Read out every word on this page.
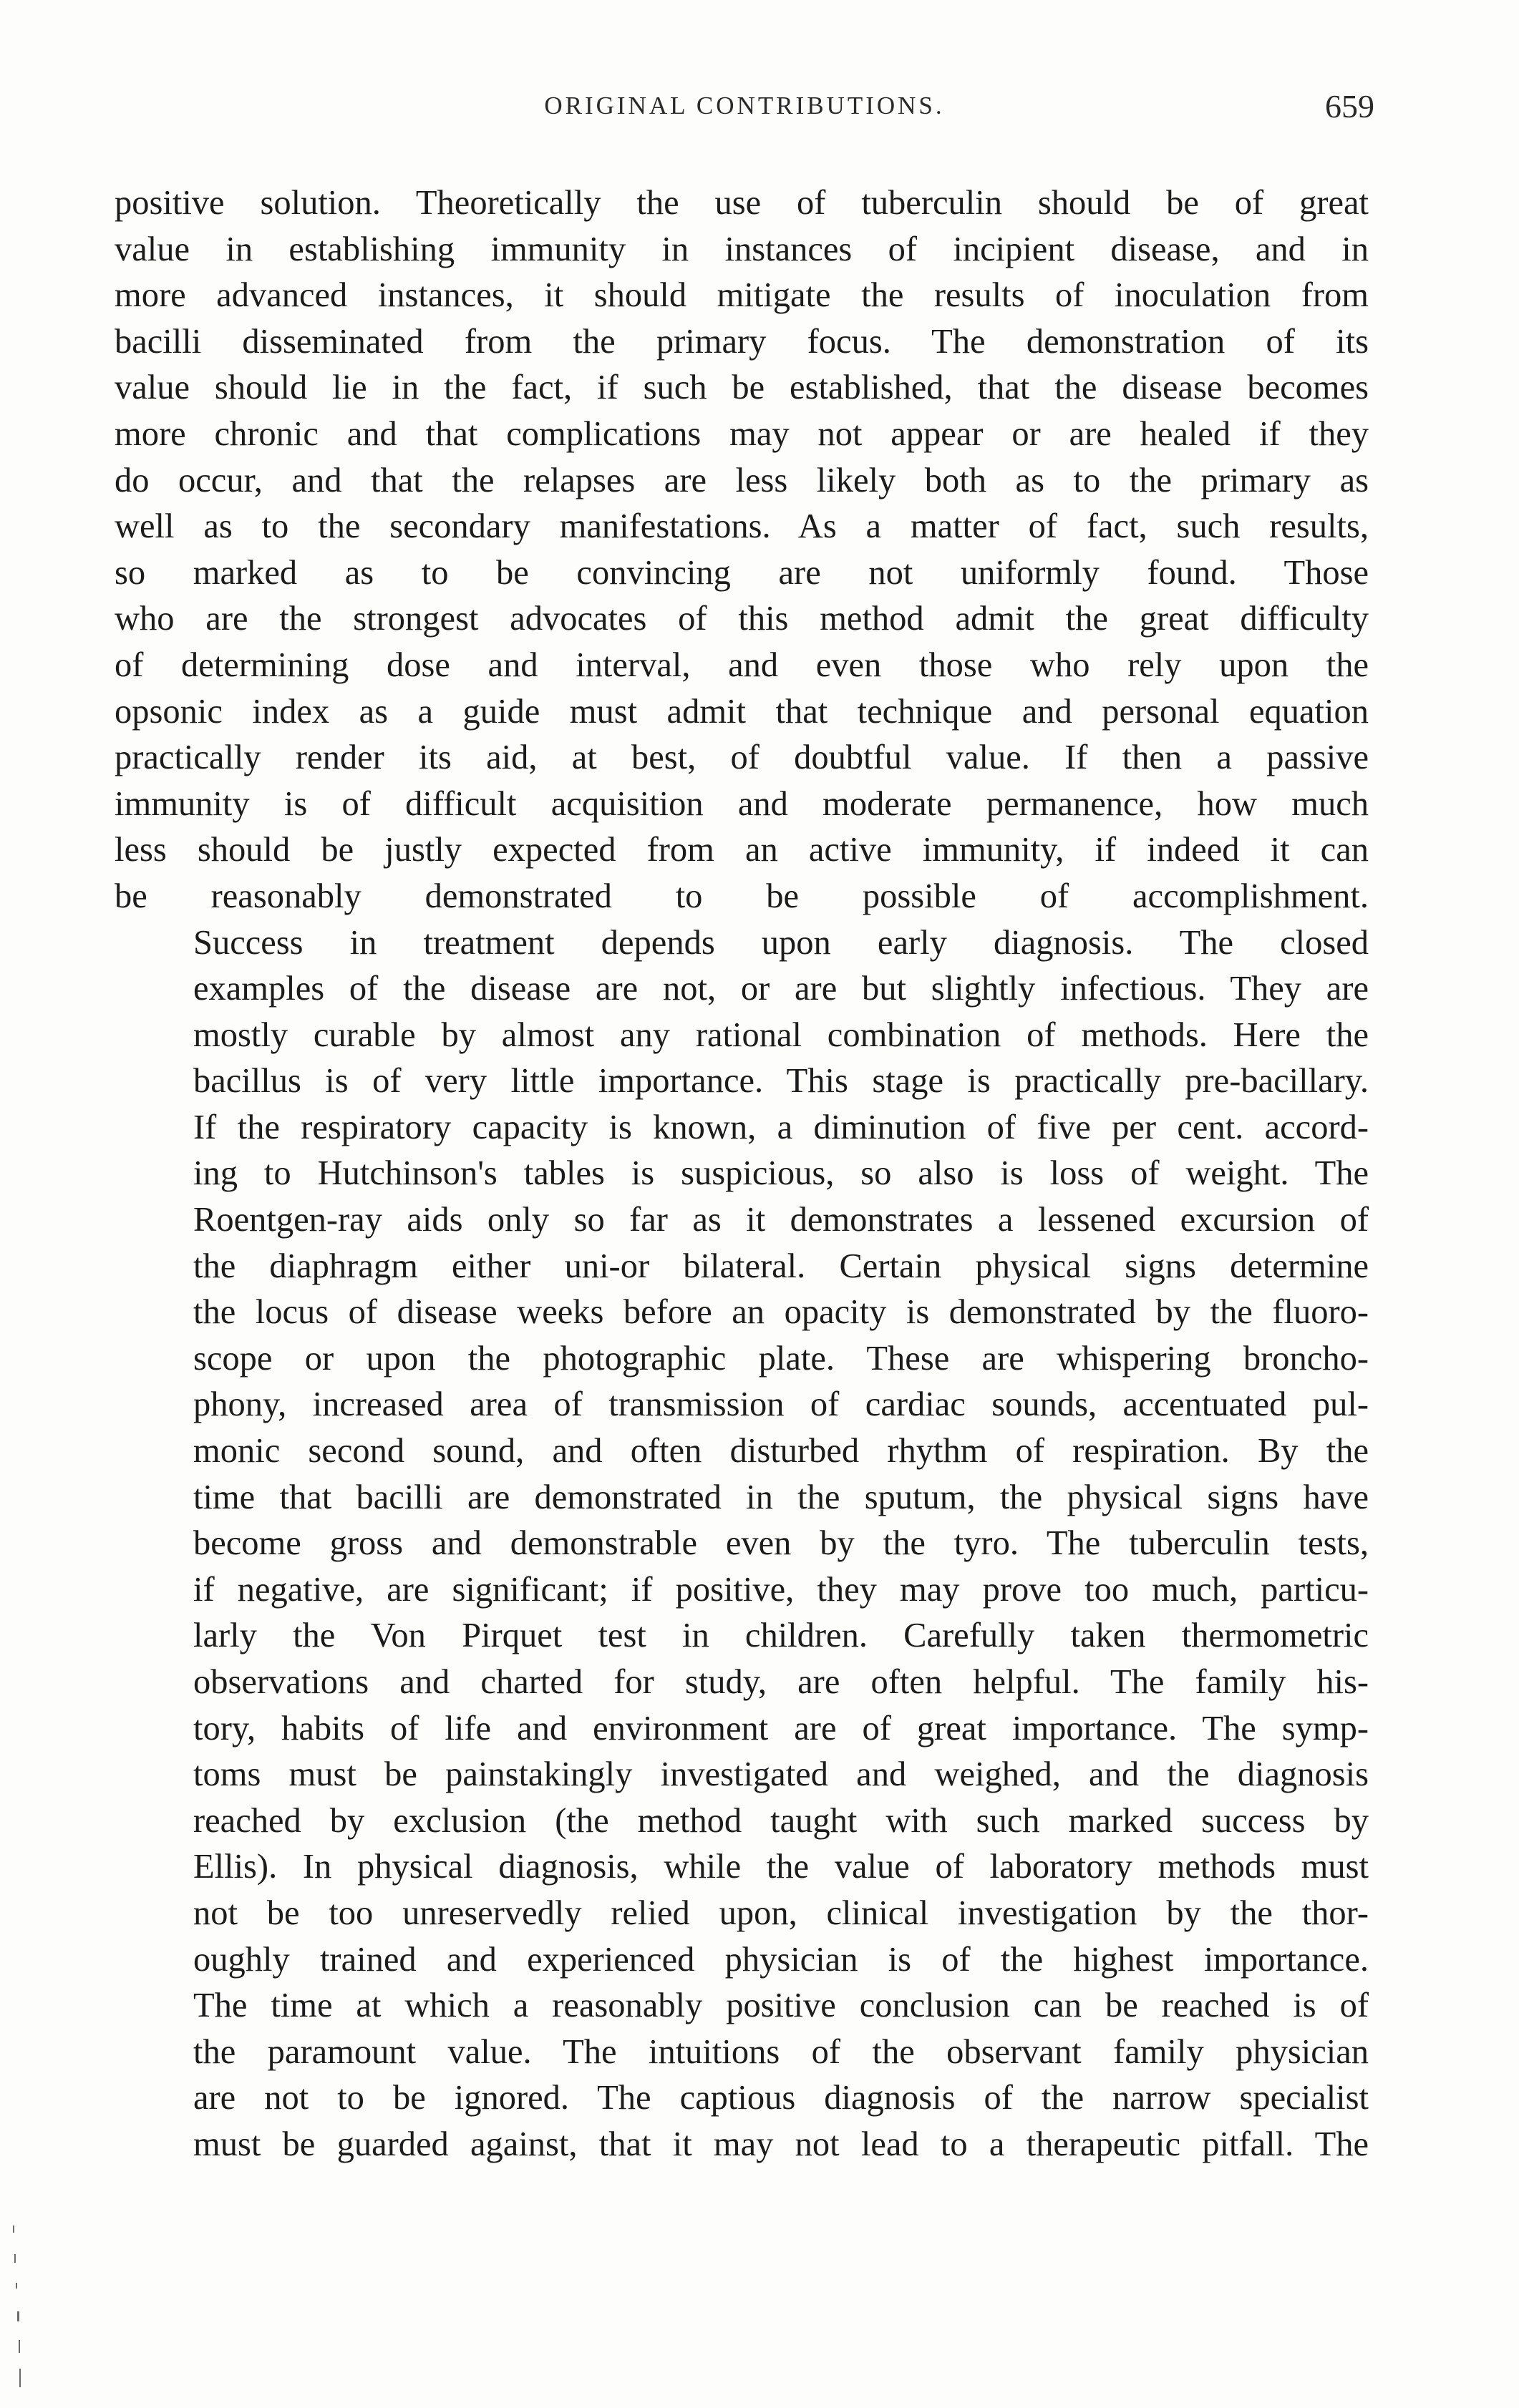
ORIGINAL CONTRIBUTIONS.	659

positive solution. Theoretically the use of tuberculin should be of great
value in establishing immunity in instances of incipient disease, and in
more advanced instances, it should mitigate the results of inoculation from
bacilli disseminated from the primary focus. The demonstration of its
value should lie in the fact, if such be established, that the disease becomes
more chronic and that complications may not appear or are healed if they
do occur, and that the relapses are less likely both as to the primary as
well as to the secondary manifestations. As a matter of fact, such results,
so marked as to be convincing are not uniformly found. Those
who are the strongest advocates of this method admit the great difficulty
of determining dose and interval, and even those who rely upon the
opsonic index as a guide must admit that technique and personal equation
practically render its aid, at best, of doubtful value. If then a passive
immunity is of difficult acquisition and moderate permanence, how much
less should be justly expected from an active immunity, if indeed it can
be reasonably demonstrated to be possible of accomplishment.

Success in treatment depends upon early diagnosis. The closed
examples of the disease are not, or are but slightly infectious. They are
mostly curable by almost any rational combination of methods. Here the
bacillus is of very little importance. This stage is practically pre-bacillary.
If the respiratory capacity is known, a diminution of five per cent. accord-
ing to Hutchinson's tables is suspicious, so also is loss of weight. The
Roentgen-ray aids only so far as it demonstrates a lessened excursion of
the diaphragm either uni-or bilateral. Certain physical signs determine
the locus of disease weeks before an opacity is demonstrated by the fluoro-
scope or upon the photographic plate. These are whispering broncho-
phony, increased area of transmission of cardiac sounds, accentuated pul-
monic second sound, and often disturbed rhythm of respiration. By the
time that bacilli are demonstrated in the sputum, the physical signs have
become gross and demonstrable even by the tyro. The tuberculin tests,
if negative, are significant; if positive, they may prove too much, particu-
larly the Von Pirquet test in children. Carefully taken thermometric
observations and charted for study, are often helpful. The family his-
tory, habits of life and environment are of great importance. The symp-
toms must be painstakingly investigated and weighed, and the diagnosis
reached by exclusion (the method taught with such marked success by
Ellis). In physical diagnosis, while the value of laboratory methods must
not be too unreservedly relied upon, clinical investigation by the thor-
oughly trained and experienced physician is of the highest importance.
The time at which a reasonably positive conclusion can be reached is of
the paramount value. The intuitions of the observant family physician
are not to be ignored. The captious diagnosis of the narrow specialist
must be guarded against, that it may not lead to a therapeutic pitfall. The
